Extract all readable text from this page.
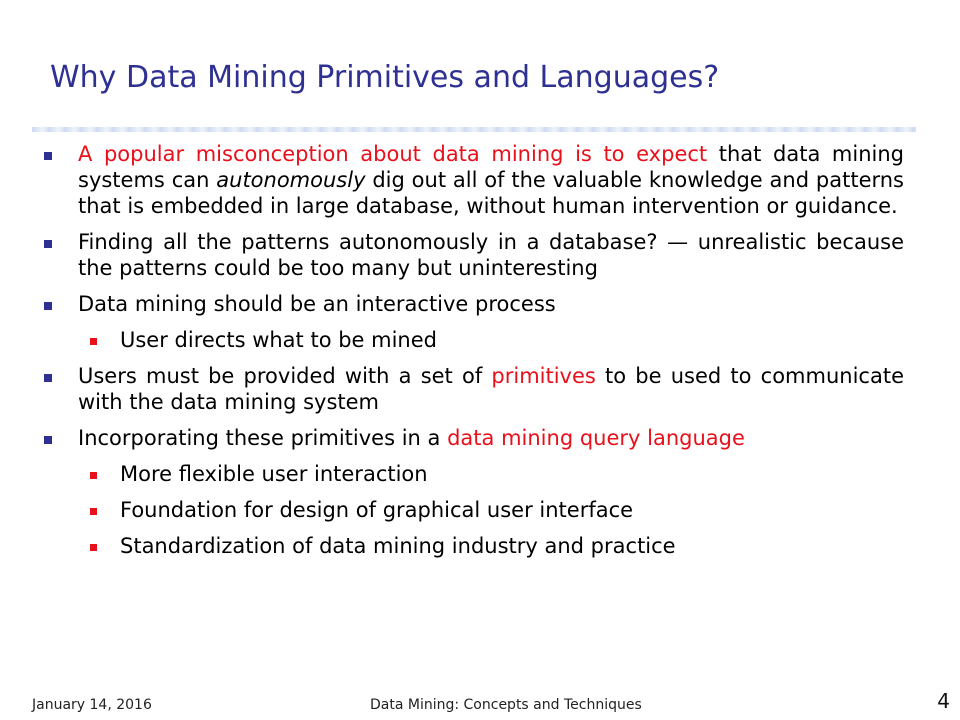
Why Data Mining Primitives and Languages?
A popular misconception about data mining is to expect that data mining systems can autonomously dig out all of the valuable knowledge and patterns that is embedded in large database, without human intervention or guidance.
Finding all the patterns autonomously in a database? — unrealistic because the patterns could be too many but uninteresting
Data mining should be an interactive process
User directs what to be mined
Users must be provided with a set of primitives to be used to communicate with the data mining system
Incorporating these primitives in a data mining query language
More flexible user interaction
Foundation for design of graphical user interface
Standardization of data mining industry and practice
January 14, 2016	Data Mining: Concepts and Techniques	4
